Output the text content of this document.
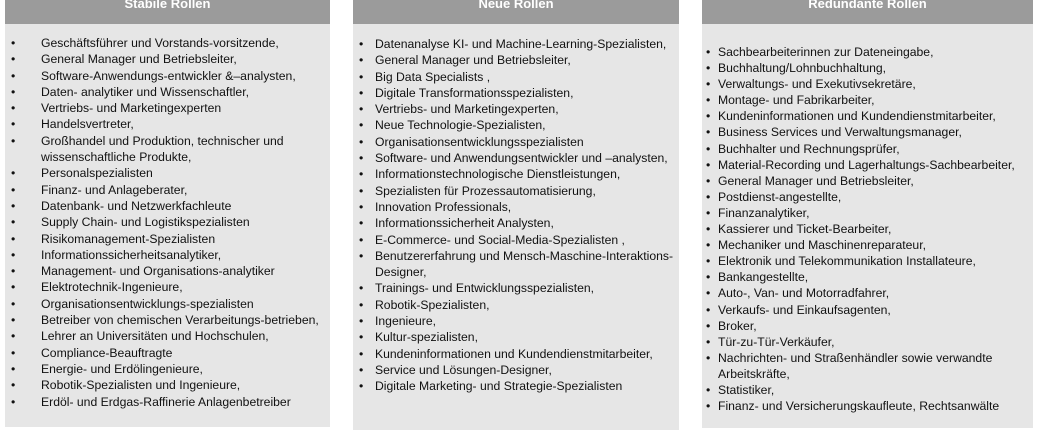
Stabile Rollen
• Geschäftsführer und Vorstands-vorsitzende,
• General Manager und Betriebsleiter,
• Software-Anwendungs-entwickler &–analysten,
• Daten- analytiker und Wissenschaftler,
• Vertriebs- und Marketingexperten
• Handelsvertreter,
• Großhandel und Produktion, technischer und wissenschaftliche Produkte,
• Personalspezialisten
• Finanz- und Anlageberater,
• Datenbank- und Netzwerkfachleute
• Supply Chain- und Logistikspezialisten
• Risikomanagement-Spezialisten
• Informationssicherheitsanalytiker,
• Management- und Organisations-analytiker
• Elektrotechnik-Ingenieure,
• Organisationsentwicklungs-spezialisten
• Betreiber von chemischen Verarbeitungs-betrieben,
• Lehrer an Universitäten und Hochschulen,
• Compliance-Beauftragte
• Energie- und Erdölingenieure,
• Robotik-Spezialisten und Ingenieure,
• Erdöl- und Erdgas-Raffinerie Anlagenbetreiber
Neue Rollen
• Datenanalyse KI- und Machine-Learning-Spezialisten,
• General Manager und Betriebsleiter,
• Big Data Specialists ,
• Digitale Transformationsspezialisten,
• Vertriebs- und Marketingexperten,
• Neue Technologie-Spezialisten,
• Organisationsentwicklungsspezialisten
• Software- und Anwendungsentwickler und –analysten,
• Informationstechnologische Dienstleistungen,
• Spezialisten für Prozessautomatisierung,
• Innovation Professionals,
• Informationssicherheit Analysten,
• E-Commerce- und Social-Media-Spezialisten ,
• Benutzererfahrung und Mensch-Maschine-Interaktions-Designer,
• Trainings- und Entwicklungsspezialisten,
• Robotik-Spezialisten,
• Ingenieure,
• Kultur-spezialisten,
• Kundeninformationen und Kundendienstmitarbeiter,
• Service und Lösungen-Designer,
• Digitale Marketing- und Strategie-Spezialisten
Redundante Rollen
• Sachbearbeiterinnen zur Dateneingabe,
• Buchhaltung/Lohnbuchhaltung,
• Verwaltungs- und Exekutivsekretäre,
• Montage- und Fabrikarbeiter,
• Kundeninformationen und Kundendienstmitarbeiter,
• Business Services und Verwaltungsmanager,
• Buchhalter und Rechnungsprüfer,
• Material-Recording und Lagerhaltungs-Sachbearbeiter,
• General Manager und Betriebsleiter,
• Postdienst-angestellte,
• Finanzanalytiker,
• Kassierer und Ticket-Bearbeiter,
• Mechaniker und Maschinenreparateur,
• Elektronik und Telekommunikation Installateure,
• Bankangestellte,
• Auto-, Van- und Motorradfahrer,
• Verkaufs- und Einkaufsagenten,
• Broker,
• Tür-zu-Tür-Verkäufer,
• Nachrichten- und Straßenhändler sowie verwandte Arbeitskräfte,
• Statistiker,
• Finanz- und Versicherungskaufleute, Rechtsanwälte
